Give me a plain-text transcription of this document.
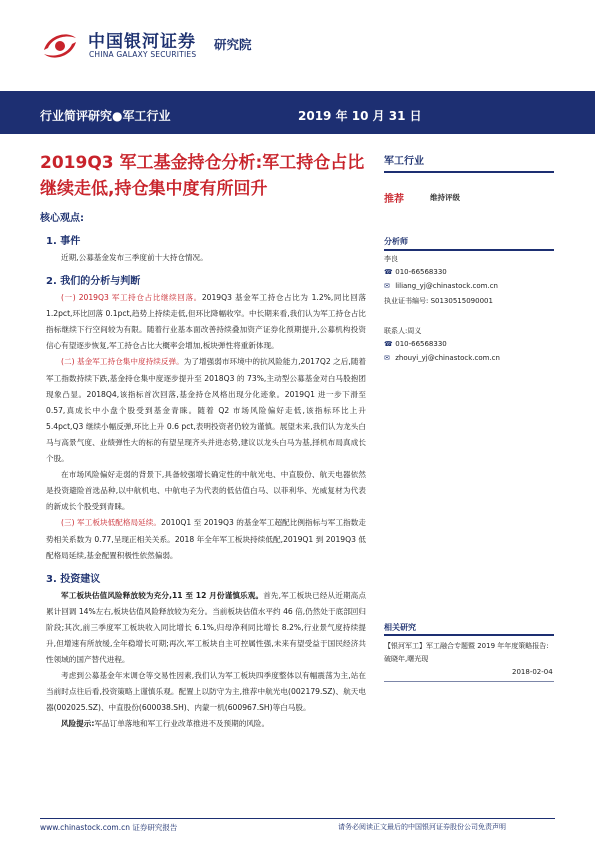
中国银河证券
CHINA GALAXY SECURITIES
研究院
行业简评研究●军工行业	2019 年 10 月 31 日
2019Q3 军工基金持仓分析:军工持仓占比继续走低,持仓集中度有所回升
核心观点:
1. 事件

近期,公募基金发布三季度前十大持仓情况。

2. 我们的分析与判断

(一) 2019Q3 军工持仓占比继续回落。2019Q3 基金军工持仓占比为 1.2%,同比回落 1.2pct,环比回落 0.1pct,趋势上持续走低,但环比降幅收窄。中长期来看,我们认为军工持仓占比指标继续下行空间较为有限。随着行业基本面改善持续叠加资产证券化预期提升,公募机构投资信心有望逐步恢复,军工持仓占比大概率会增加,板块弹性将重新体现。

(二) 基金军工持仓集中度持续反弹。为了增强弱市环境中的抗风险能力,2017Q2 之后,随着军工指数持续下跌,基金持仓集中度逐步提升至 2018Q3 的 73%,主动型公募基金对白马股抱团现象凸显。2018Q4,该指标首次回落,基金持仓风格出现分化迹象。2019Q1 进一步下滑至 0.57,真成长中小盘个股受到基金青睐。随着 Q2 市场风险偏好走低,该指标环比上升 5.4pct,Q3 继续小幅反弹,环比上升 0.6 pct,表明投资者仍较为谨慎。展望未来,我们认为龙头白马与高景气度、业绩弹性大的标的有望呈现齐头并进态势,建议以龙头白马为基,择机布局真成长个股。

在市场风险偏好走弱的背景下,具备较强增长确定性的中航光电、中直股份、航天电器依然是投资避险首选品种,以中航机电、中航电子为代表的低估值白马、以菲利华、光威复材为代表的新成长个股受到青睐。

(三) 军工板块低配格局延续。2010Q1 至 2019Q3 的基金军工超配比例指标与军工指数走势相关系数为 0.77,呈现正相关关系。2018 年全年军工板块持续低配,2019Q1 到 2019Q3 低配格局延续,基金配置积极性依然偏弱。

3. 投资建议

军工板块估值风险释放较为充分,11 至 12 月份谨慎乐观。首先,军工板块已经从近期高点累计回调 14%左右,板块估值风险释放较为充分。当前板块估值水平约 46 倍,仍然处于底部回归阶段;其次,前三季度军工板块收入同比增长 6.1%,归母净利同比增长 8.2%,行业景气度持续提升,但增速有所放缓,全年稳增长可期;再次,军工板块自主可控属性强,未来有望受益于国民经济共性领域的国产替代进程。

考虑到公募基金年末调仓等交易性因素,我们认为军工板块四季度整体以有幅震荡为主,站在当前时点往后看,投资策略上谨慎乐观。配置上以防守为主,推荐中航光电(002179.SZ)、航天电器(002025.SZ)、中直股份(600038.SH)、内蒙一机(600967.SH)等白马股。

风险提示:军品订单落地和军工行业改革推进不及预期的风险。

军工行业
推荐	维持评级
分析师
李良
☎ 010-66568330
✉ liliang_yj@chinastock.com.cn
执业证书编号: S0130515090001
联系人:周义
☎ 010-66568330
✉ zhouyi_yj@chinastock.com.cn
相关研究
【银河军工】军工融合专题暨 2019 年年度策略报告:破晓年,曙光现
2018-02-04
www.chinastock.com.cn 证券研究报告	请务必阅读正文最后的中国银河证券股份公司免责声明
